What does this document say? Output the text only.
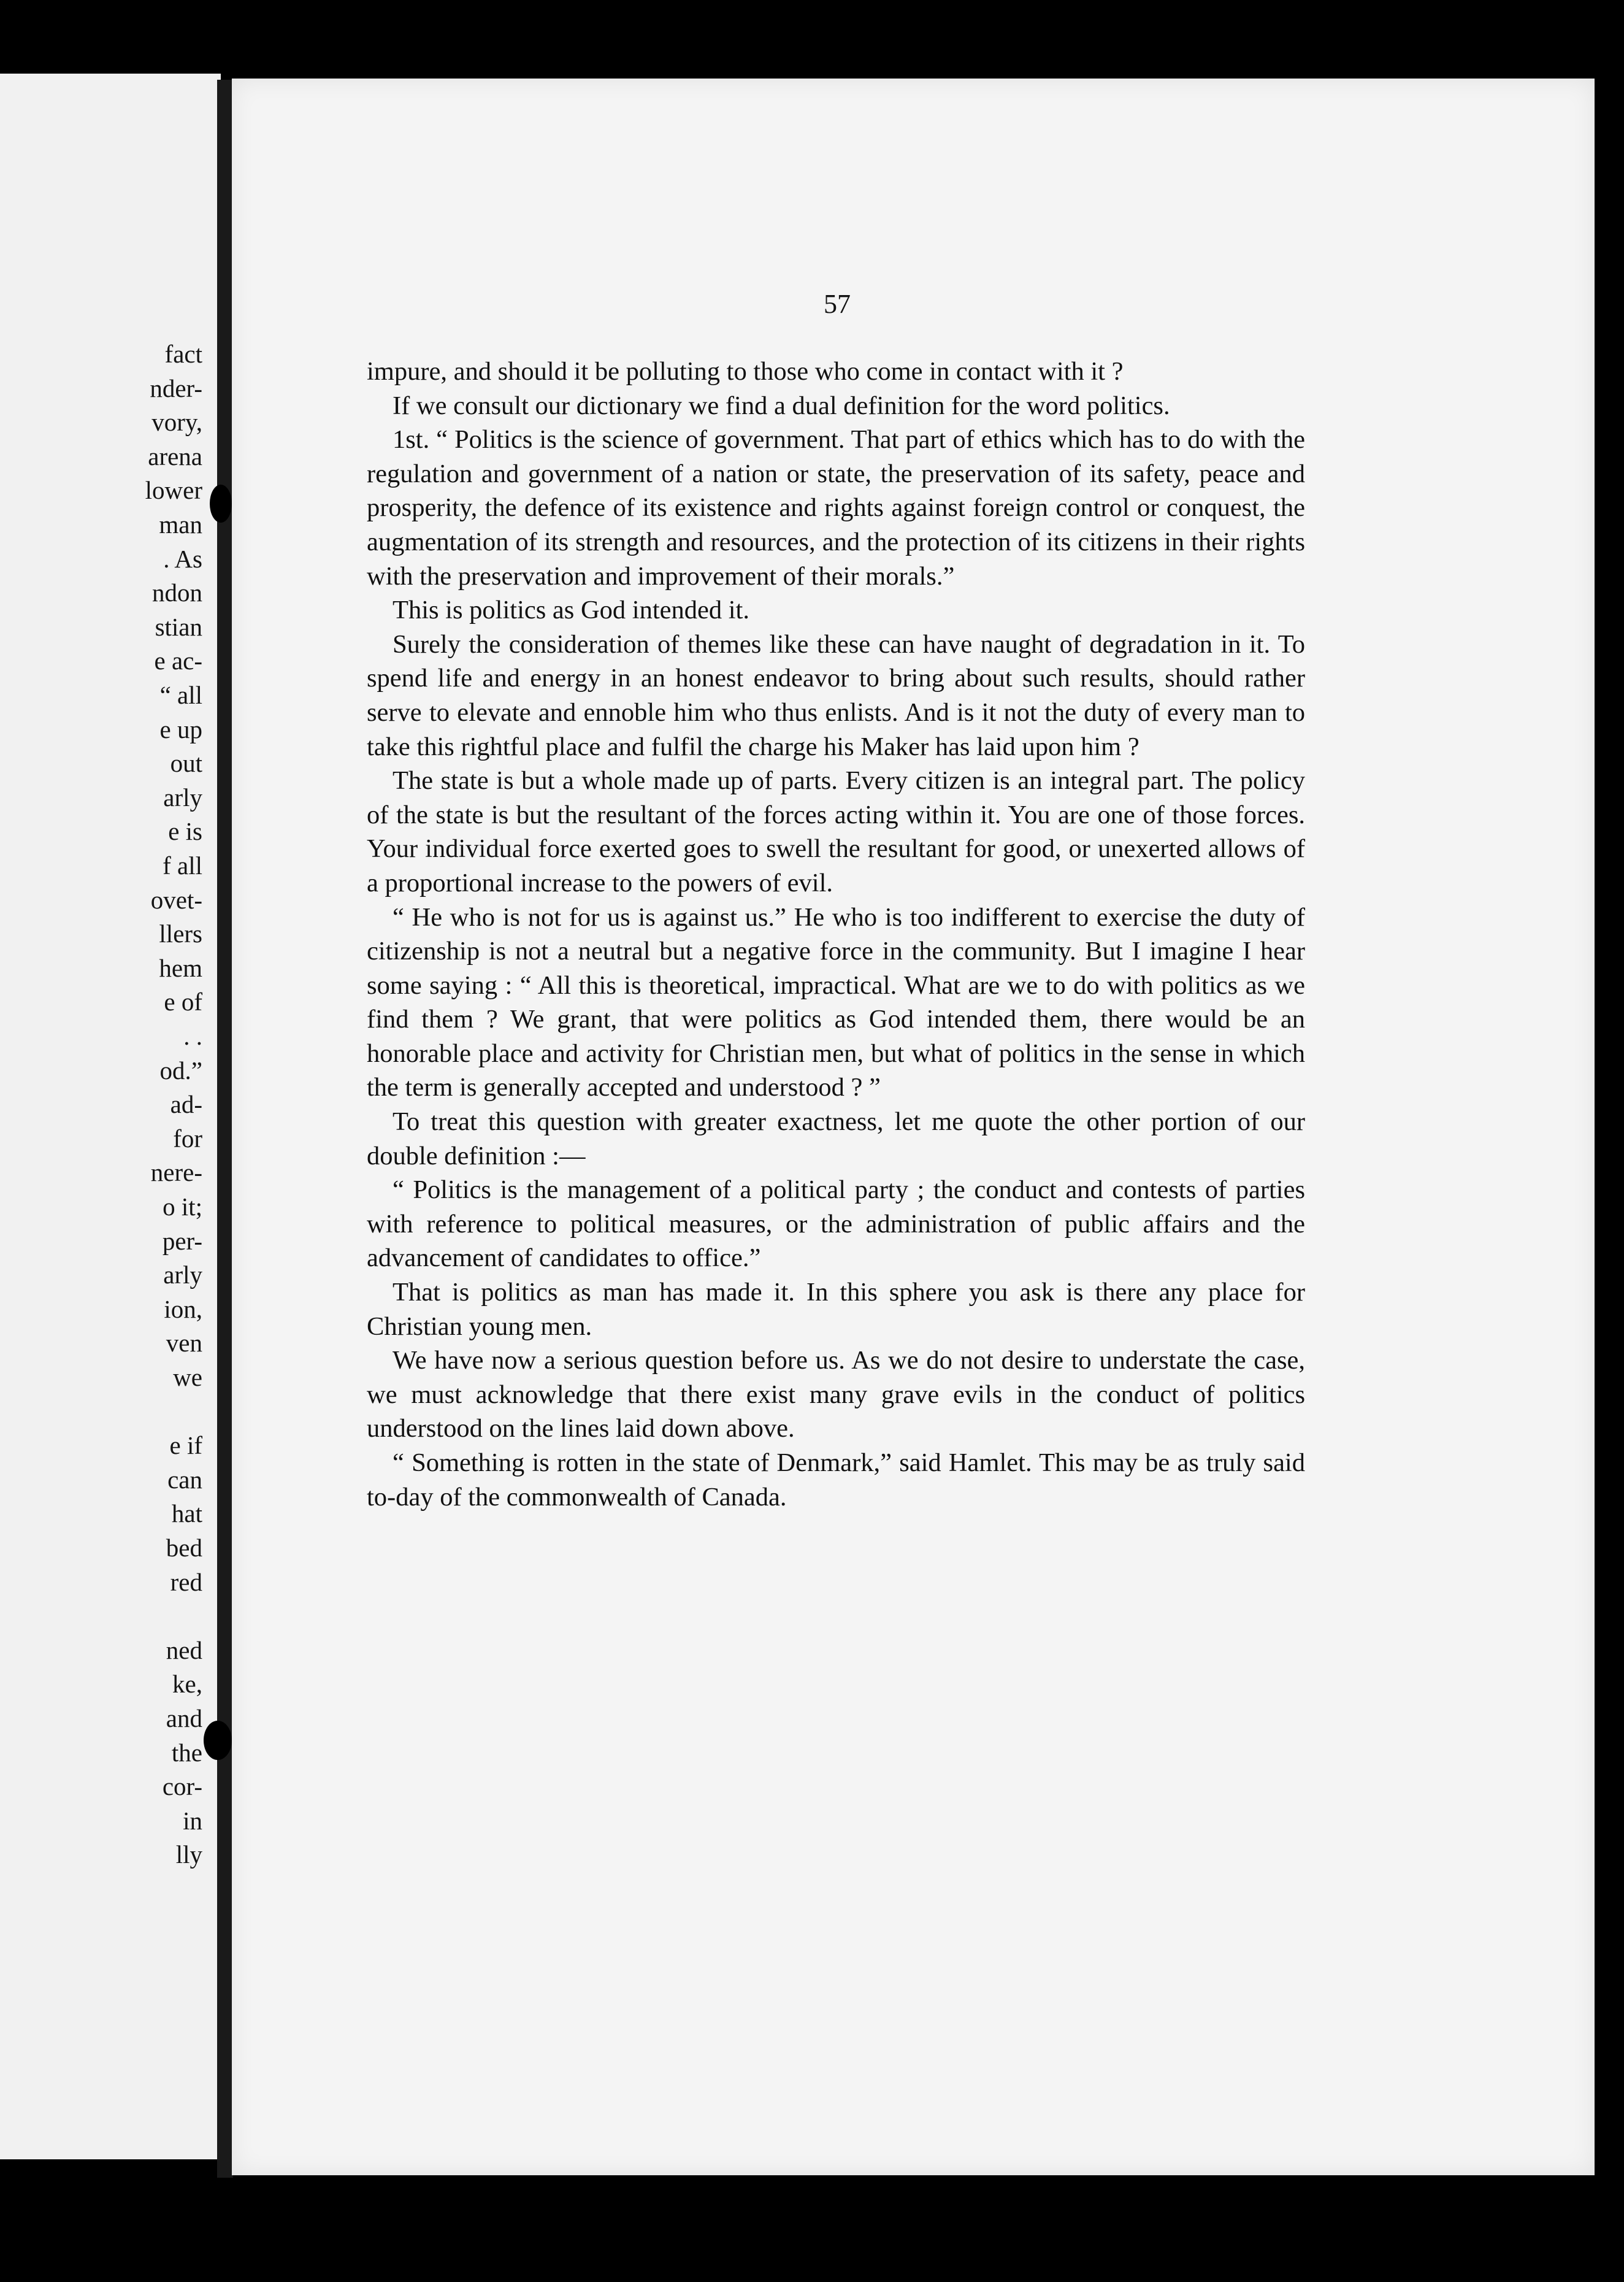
fact
nder-
vory,
arena
lower
man
. As
ndon
stian
e ac-
“ all
e up
out
arly
e is
f all
ovet-
llers
hem
e of
. .
od.”
ad-
for
nere-
o it;
per-
arly
ion,
ven
we
e if
can
hat
bed
red
ned
ke,
and
the
cor-
in
lly
57

impure, and should it be polluting to those who come in contact with it ?

If we consult our dictionary we find a dual definition for the word politics.

1st. “ Politics is the science of government. That part of ethics which has to do with the regulation and government of a nation or state, the preservation of its safety, peace and prosperity, the defence of its existence and rights against foreign control or conquest, the augmentation of its strength and resources, and the protection of its citizens in their rights with the preservation and improvement of their morals.”

This is politics as God intended it.

Surely the consideration of themes like these can have naught of degradation in it. To spend life and energy in an honest endeavor to bring about such results, should rather serve to elevate and ennoble him who thus enlists. And is it not the duty of every man to take this rightful place and fulfil the charge his Maker has laid upon him ?

The state is but a whole made up of parts. Every citizen is an integral part. The policy of the state is but the resultant of the forces acting within it. You are one of those forces. Your individual force exerted goes to swell the resultant for good, or unexerted allows of a proportional increase to the powers of evil.

“ He who is not for us is against us.” He who is too indifferent to exercise the duty of citizenship is not a neutral but a negative force in the community. But I imagine I hear some saying : “ All this is theoretical, impractical. What are we to do with politics as we find them ? We grant, that were politics as God intended them, there would be an honorable place and activity for Christian men, but what of politics in the sense in which the term is generally accepted and understood ? ”

To treat this question with greater exactness, let me quote the other portion of our double definition :—

“ Politics is the management of a political party ; the conduct and contests of parties with reference to political measures, or the administration of public affairs and the advancement of candidates to office.”

That is politics as man has made it. In this sphere you ask is there any place for Christian young men.

We have now a serious question before us. As we do not desire to understate the case, we must acknowledge that there exist many grave evils in the conduct of politics understood on the lines laid down above.

“ Something is rotten in the state of Denmark,” said Hamlet. This may be as truly said to-day of the commonwealth of Canada.
